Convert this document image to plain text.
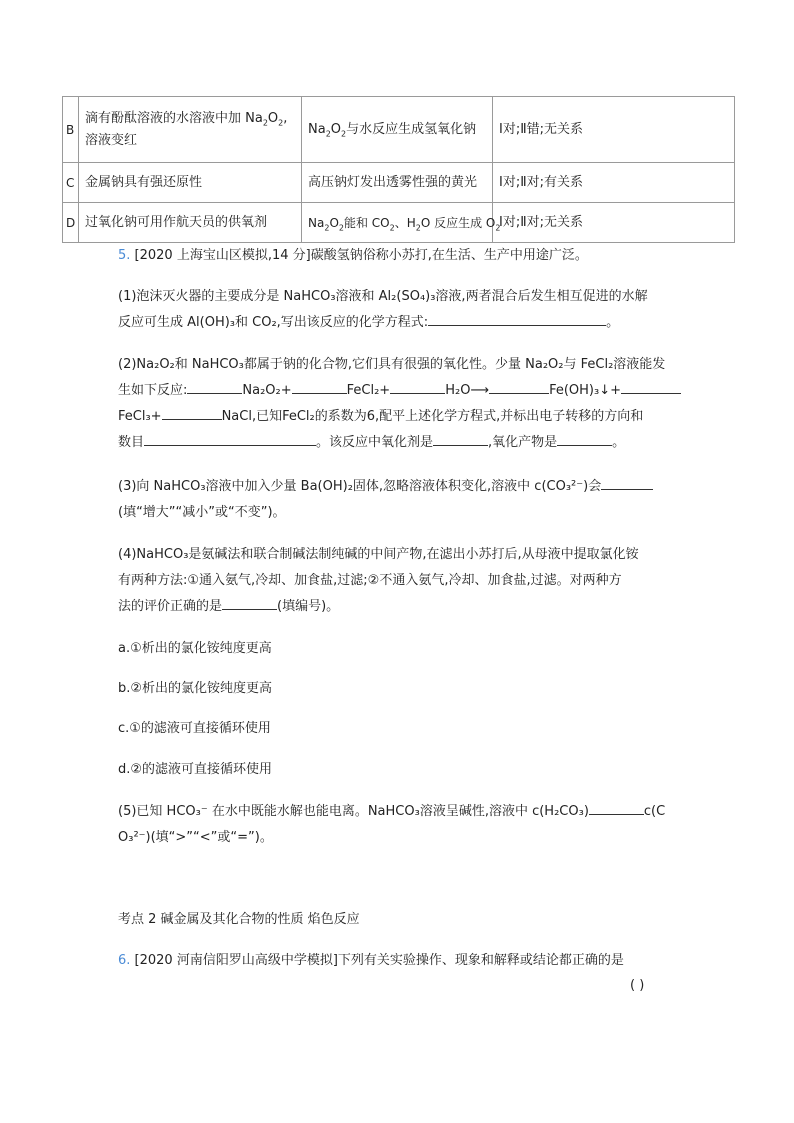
B	滴有酚酞溶液的水溶液中加 $Na_2O_2$,
溶液变红	$Na_2O_2$与水反应生成氢氧化钠	Ⅰ对;Ⅱ错;无关系
C	金属钠具有强还原性	高压钠灯发出透雾性强的黄光	Ⅰ对;Ⅱ对;有关系
D	过氧化钠可用作航天员的供氧剂	$Na_2O_2$能和 $CO_2$、$H_2O$ 反应生成 $O_2$	Ⅰ对;Ⅱ对;无关系
5. [2020 上海宝山区模拟,14 分]碳酸氢钠俗称小苏打,在生活、生产中用途广泛。
(1)泡沫灭火器的主要成分是 NaHCO₃溶液和 Al₂(SO₄)₃溶液,两者混合后发生相互促进的水解
反应可生成 Al(OH)₃和 CO₂,写出该反应的化学方程式:	。
(2)Na₂O₂和 NaHCO₃都属于钠的化合物,它们具有很强的氧化性。少量 Na₂O₂与 FeCl₂溶液能发
生如下反应:	Na₂O₂+	FeCl₂+	H₂O⟶	Fe(OH)₃↓+
FeCl₃+	NaCl,已知FeCl₂的系数为6,配平上述化学方程式,并标出电子转移的方向和
数目	。该反应中氧化剂是	,氧化产物是	。
(3)向 NaHCO₃溶液中加入少量 Ba(OH)₂固体,忽略溶液体积变化,溶液中 c(CO₃²⁻)会
(填“增大”“减小”或“不变”)。
(4)NaHCO₃是氨碱法和联合制碱法制纯碱的中间产物,在滤出小苏打后,从母液中提取氯化铵
有两种方法:①通入氨气,冷却、加食盐,过滤;②不通入氨气,冷却、加食盐,过滤。对两种方
法的评价正确的是	(填编号)。
a.①析出的氯化铵纯度更高
b.②析出的氯化铵纯度更高
c.①的滤液可直接循环使用
d.②的滤液可直接循环使用
(5)已知 HCO₃⁻ 在水中既能水解也能电离。NaHCO₃溶液呈碱性,溶液中 c(H₂CO₃)	c(C
O₃²⁻)(填“>”“<”或“=”)。
考点 2 碱金属及其化合物的性质 焰色反应
6. [2020 河南信阳罗山高级中学模拟]下列有关实验操作、现象和解释或结论都正确的是
( )
